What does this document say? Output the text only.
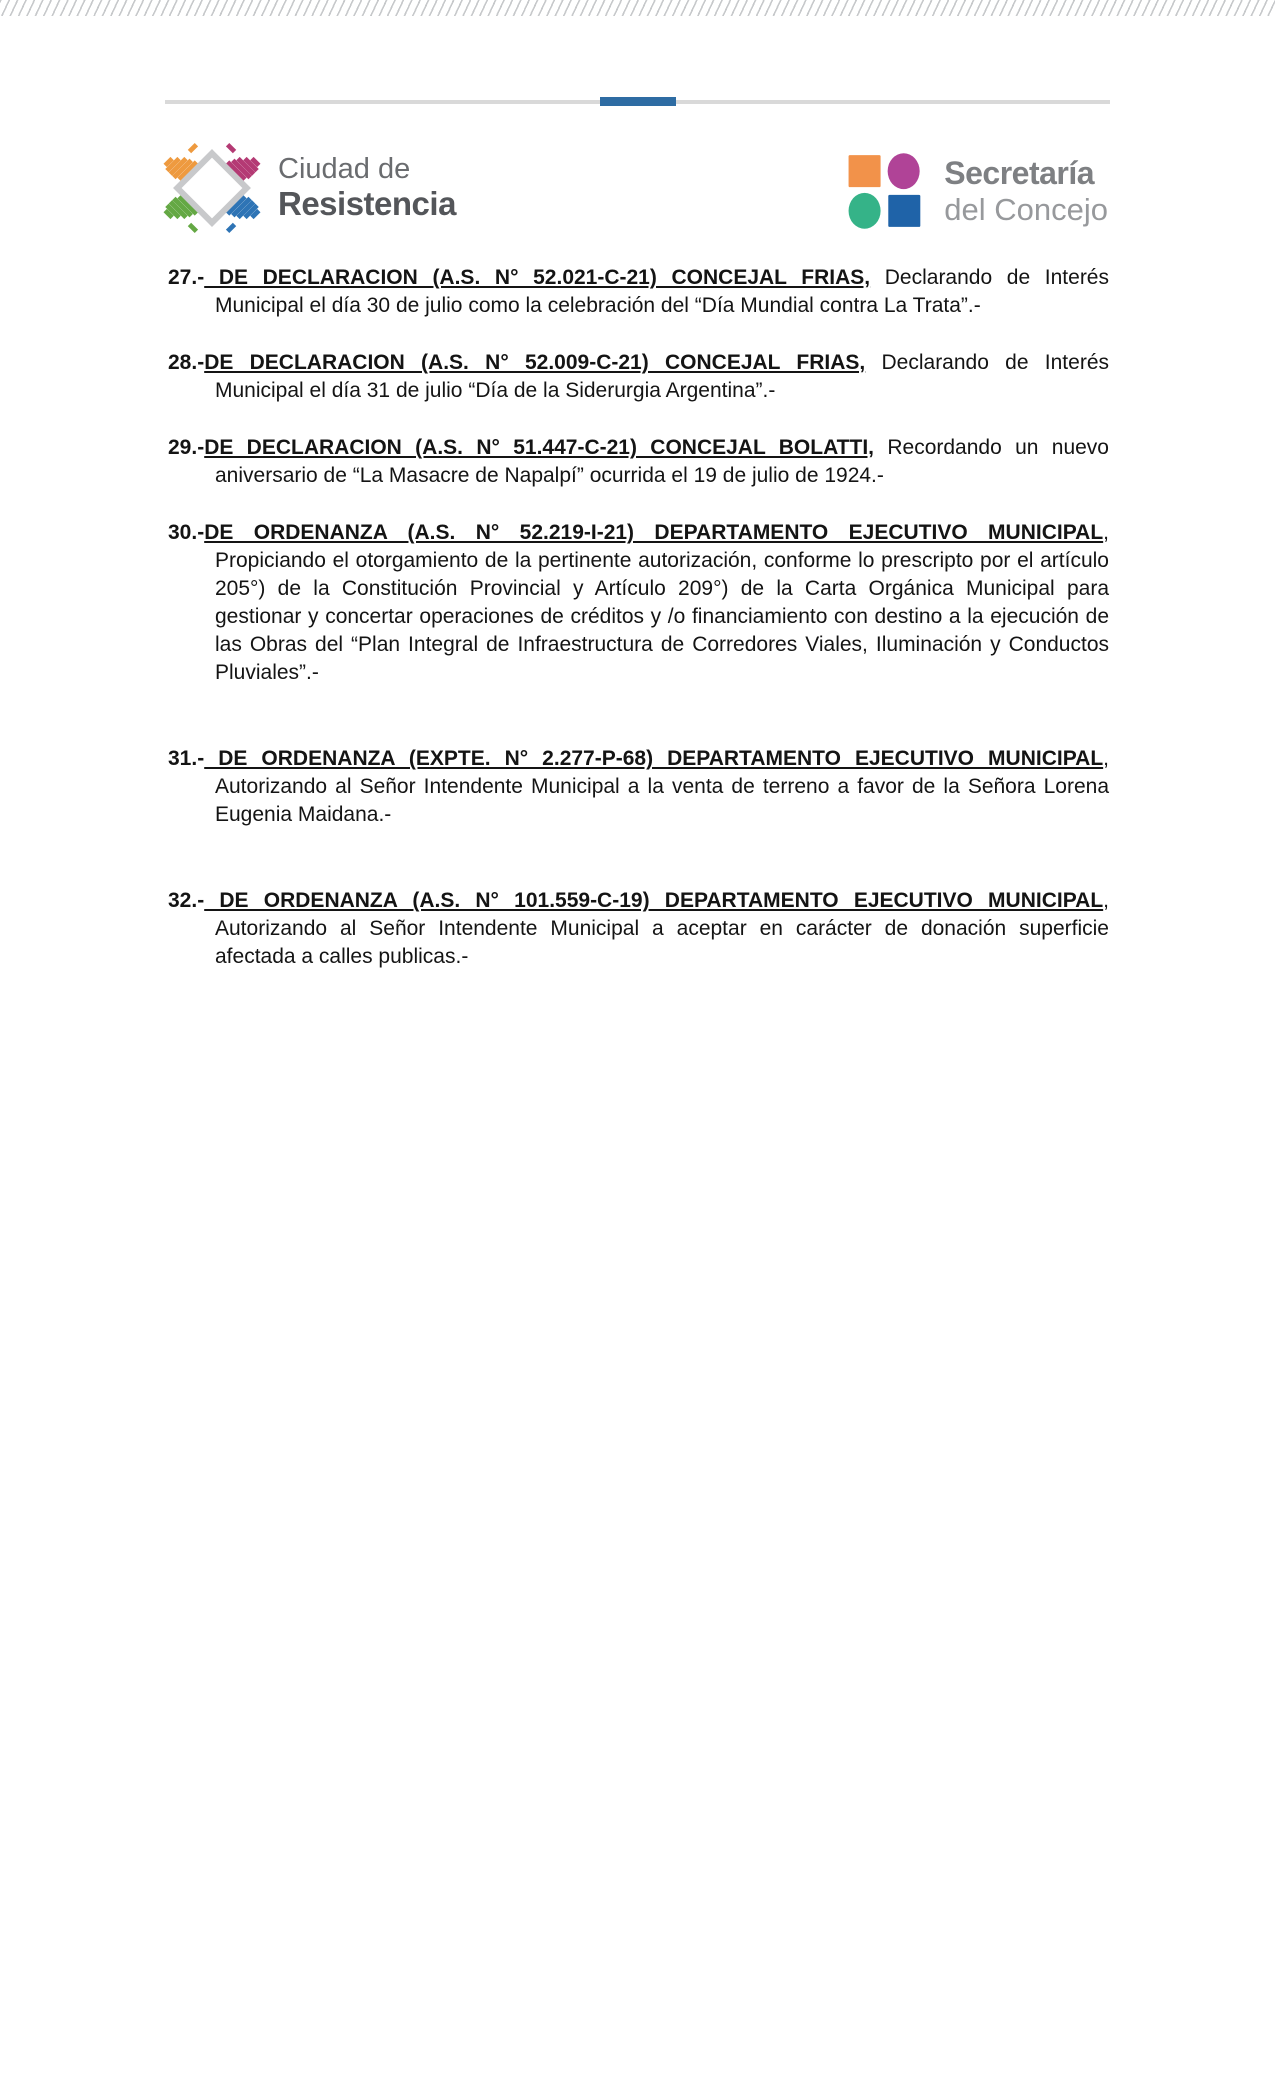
Ciudad de
Resistencia
Secretaría
del Concejo

27.- DE DECLARACION (A.S. N° 52.021-C-21) CONCEJAL FRIAS, Declarando de Interés Municipal el día 30 de julio como la celebración del “Día Mundial contra La Trata”.-

28.-DE DECLARACION (A.S. N° 52.009-C-21) CONCEJAL FRIAS, Declarando de Interés Municipal el día 31 de julio “Día de la Siderurgia Argentina”.-

29.-DE DECLARACION (A.S. N° 51.447-C-21) CONCEJAL BOLATTI, Recordando un nuevo aniversario de “La Masacre de Napalpí” ocurrida el 19 de julio de 1924.-

30.-DE ORDENANZA (A.S. N° 52.219-I-21) DEPARTAMENTO EJECUTIVO MUNICIPAL, Propiciando el otorgamiento de la pertinente autorización, conforme lo prescripto por el artículo 205°) de la Constitución Provincial y Artículo 209°) de la Carta Orgánica Municipal para gestionar y concertar operaciones de créditos y /o financiamiento con destino a la ejecución de las Obras del “Plan Integral de Infraestructura de Corredores Viales, Iluminación y Conductos Pluviales”.-

31.- DE ORDENANZA (EXPTE. N° 2.277-P-68) DEPARTAMENTO EJECUTIVO MUNICIPAL, Autorizando al Señor Intendente Municipal a la venta de terreno a favor de la Señora Lorena Eugenia Maidana.-

32.- DE ORDENANZA (A.S. N° 101.559-C-19) DEPARTAMENTO EJECUTIVO MUNICIPAL, Autorizando al Señor Intendente Municipal a aceptar en carácter de donación superficie afectada a calles publicas.-
